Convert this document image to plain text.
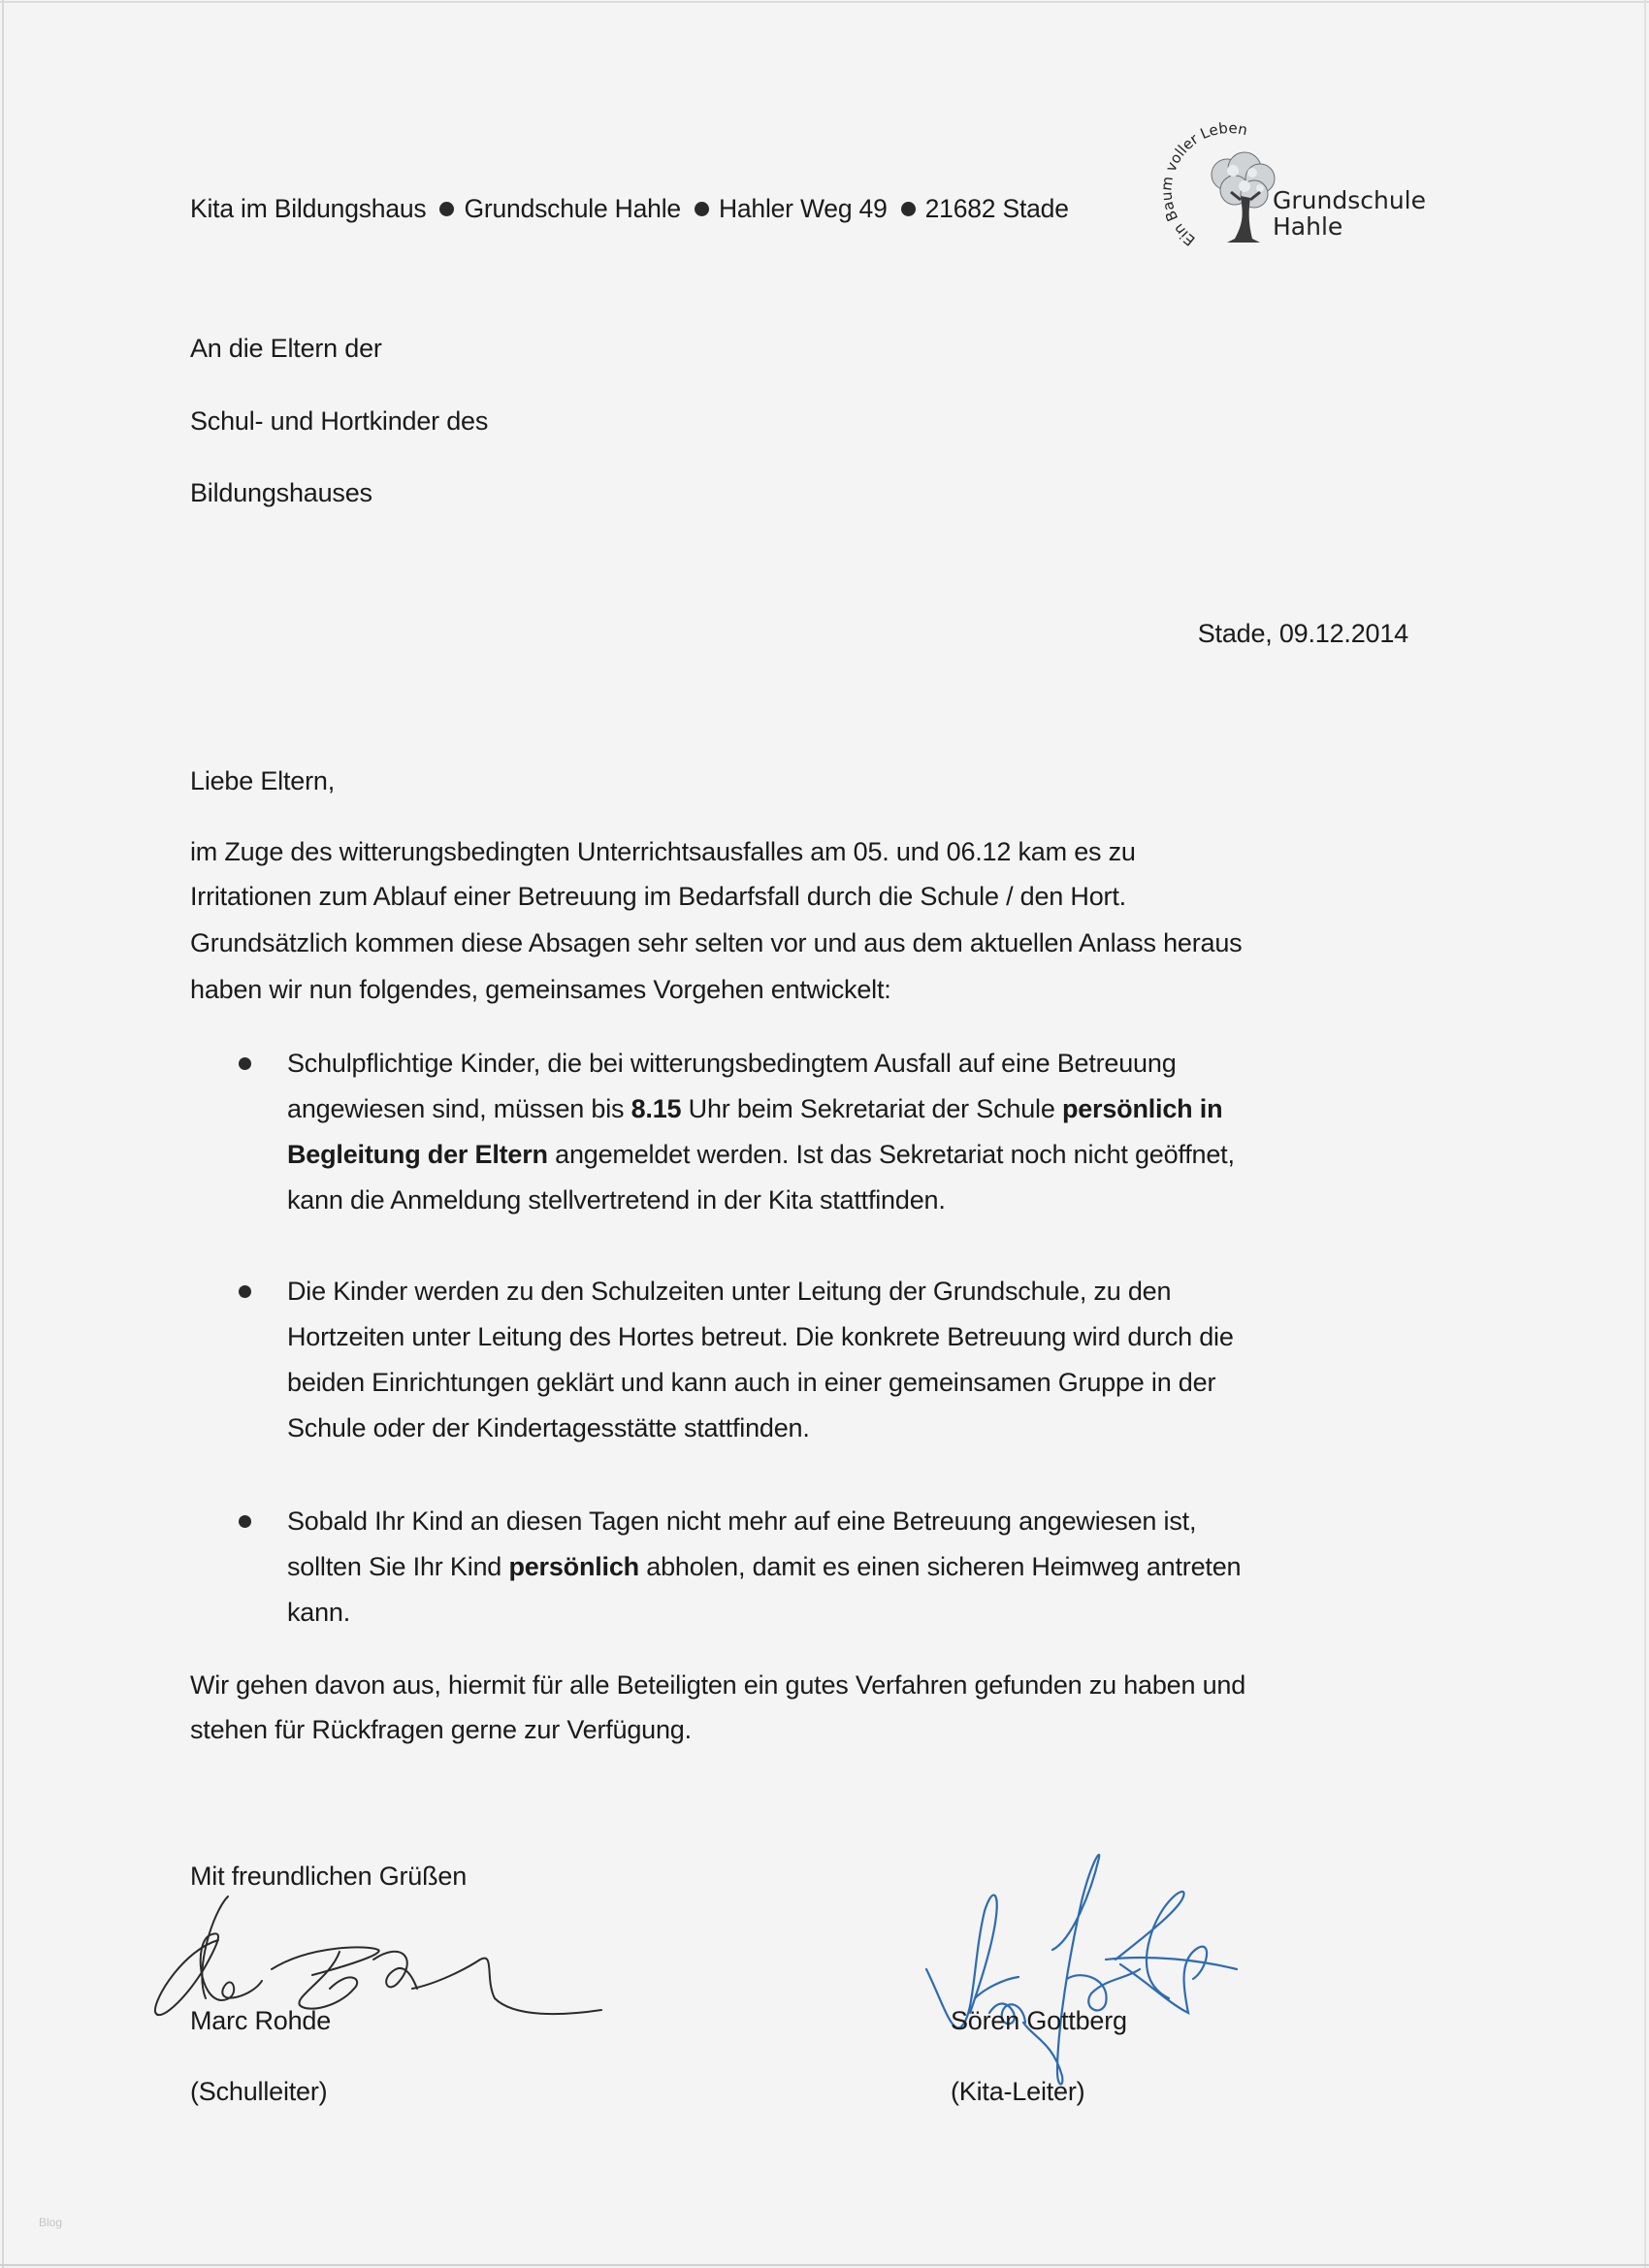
Kita im Bildungshaus Grundschule Hahle Hahler Weg 49 21682 Stade
Ein Baum voller Leben
Grundschule
Hahle
An die Eltern der
Schul- und Hortkinder des
Bildungshauses
Stade, 09.12.2014
Liebe Eltern,
im Zuge des witterungsbedingten Unterrichtsausfalles am 05. und 06.12 kam es zu
Irritationen zum Ablauf einer Betreuung im Bedarfsfall durch die Schule / den Hort.
Grundsätzlich kommen diese Absagen sehr selten vor und aus dem aktuellen Anlass heraus
haben wir nun folgendes, gemeinsames Vorgehen entwickelt:
Schulpflichtige Kinder, die bei witterungsbedingtem Ausfall auf eine Betreuung
angewiesen sind, müssen bis 8.15 Uhr beim Sekretariat der Schule persönlich in
Begleitung der Eltern angemeldet werden. Ist das Sekretariat noch nicht geöffnet,
kann die Anmeldung stellvertretend in der Kita stattfinden.
Die Kinder werden zu den Schulzeiten unter Leitung der Grundschule, zu den
Hortzeiten unter Leitung des Hortes betreut. Die konkrete Betreuung wird durch die
beiden Einrichtungen geklärt und kann auch in einer gemeinsamen Gruppe in der
Schule oder der Kindertagesstätte stattfinden.
Sobald Ihr Kind an diesen Tagen nicht mehr auf eine Betreuung angewiesen ist,
sollten Sie Ihr Kind persönlich abholen, damit es einen sicheren Heimweg antreten
kann.
Wir gehen davon aus, hiermit für alle Beteiligten ein gutes Verfahren gefunden zu haben und
stehen für Rückfragen gerne zur Verfügung.
Mit freundlichen Grüßen
Marc Rohde
(Schulleiter)
Sören Gottberg
(Kita-Leiter)
Blog
